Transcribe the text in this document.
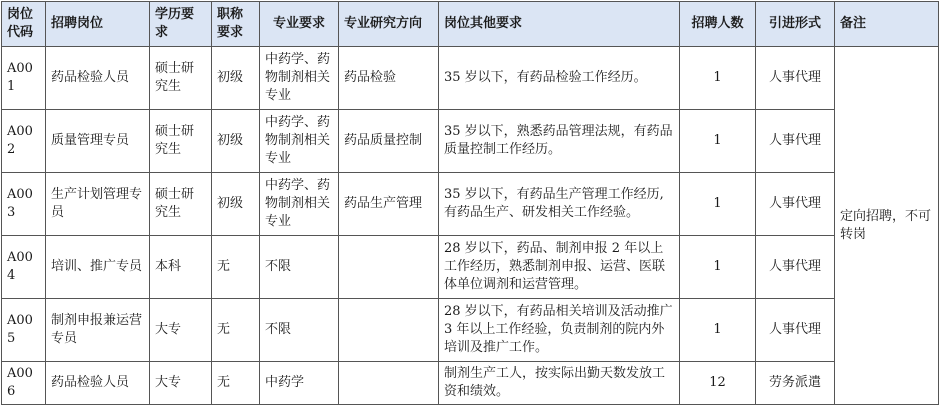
岗位代码	招聘岗位	学历要求	职称要求	专业要求	专业研究方向	岗位其他要求	招聘人数	引进形式	备注
A001	药品检验人员	硕士研究生	初级	中药学、药物制剂相关专业	药品检验	35 岁以下，有药品检验工作经历。	1	人事代理	定向招聘，不可转岗
A002	质量管理专员	硕士研究生	初级	中药学、药物制剂相关专业	药品质量控制	35 岁以下，熟悉药品管理法规，有药品质量控制工作经历。	1	人事代理	
A003	生产计划管理专员	硕士研究生	初级	中药学、药物制剂相关专业	药品生产管理	35 岁以下，有药品生产管理工作经历,有药品生产、研发相关工作经验。	1	人事代理	
A004	培训、推广专员	本科	无	不限		28 岁以下，药品、制剂申报 2 年以上工作经历，熟悉制剂申报、运营、医联体单位调剂和运营管理。	1	人事代理	
A005	制剂申报兼运营专员	大专	无	不限		28 岁以下，有药品相关培训及活动推广 3 年以上工作经验，负责制剂的院内外培训及推广工作。	1	人事代理	
A006	药品检验人员	大专	无	中药学		制剂生产工人，按实际出勤天数发放工资和绩效。	12	劳务派遣	
